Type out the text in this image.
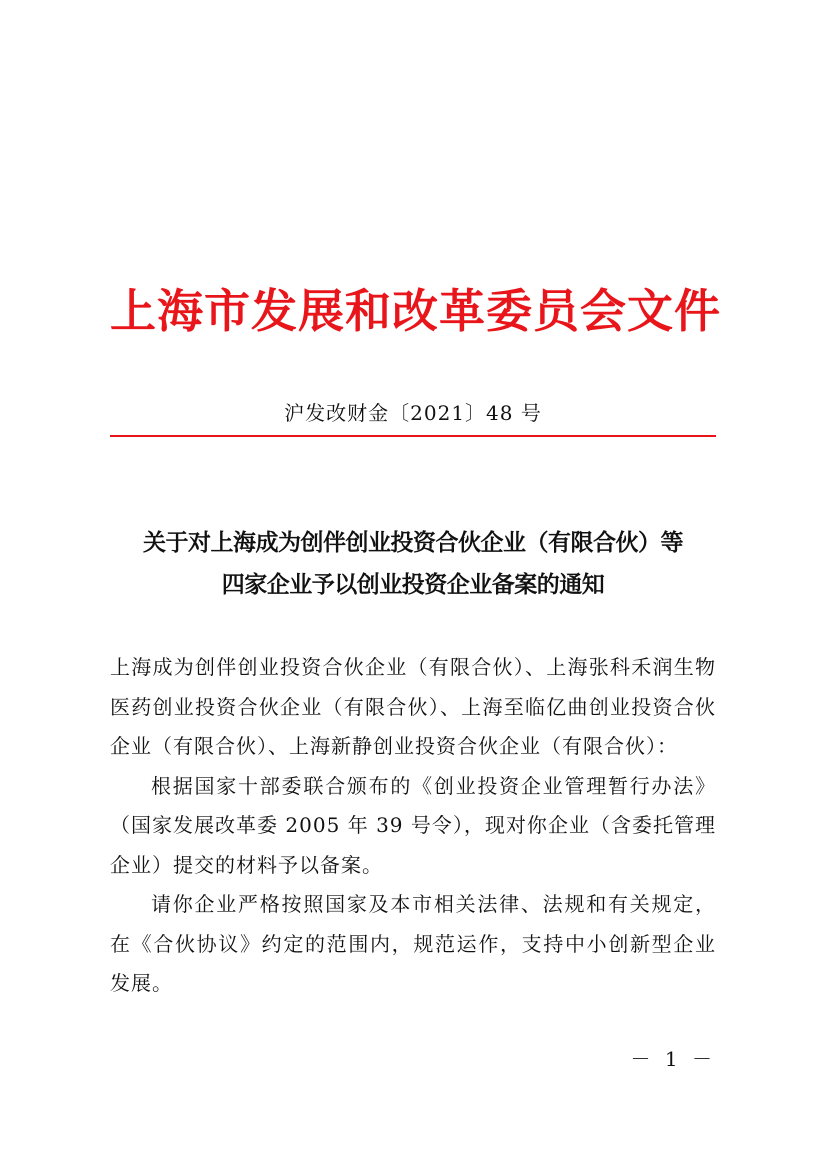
上海市发展和改革委员会文件
沪发改财金〔2021〕48 号
关于对上海成为创伴创业投资合伙企业（有限合伙）等
四家企业予以创业投资企业备案的通知

上海成为创伴创业投资合伙企业（有限合伙）、上海张科禾润生物医药创业投资合伙企业（有限合伙）、上海至临亿曲创业投资合伙企业（有限合伙）、上海新静创业投资合伙企业（有限合伙）：

根据国家十部委联合颁布的《创业投资企业管理暂行办法》（国家发展改革委 2005 年 39 号令），现对你企业（含委托管理企业）提交的材料予以备案。

请你企业严格按照国家及本市相关法律、法规和有关规定，在《合伙协议》约定的范围内，规范运作，支持中小创新型企业发展。

－ 1 －
